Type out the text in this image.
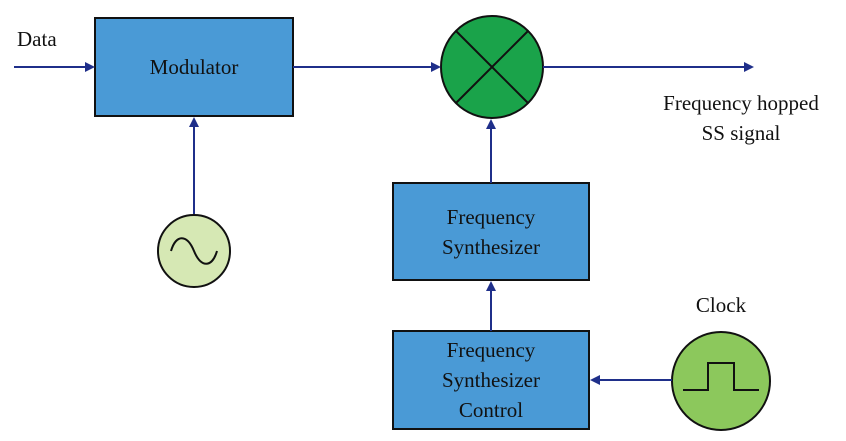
Modulator
Frequency
Synthesizer
Frequency
Synthesizer
Control
Data
Clock
Frequency hopped
SS signal
